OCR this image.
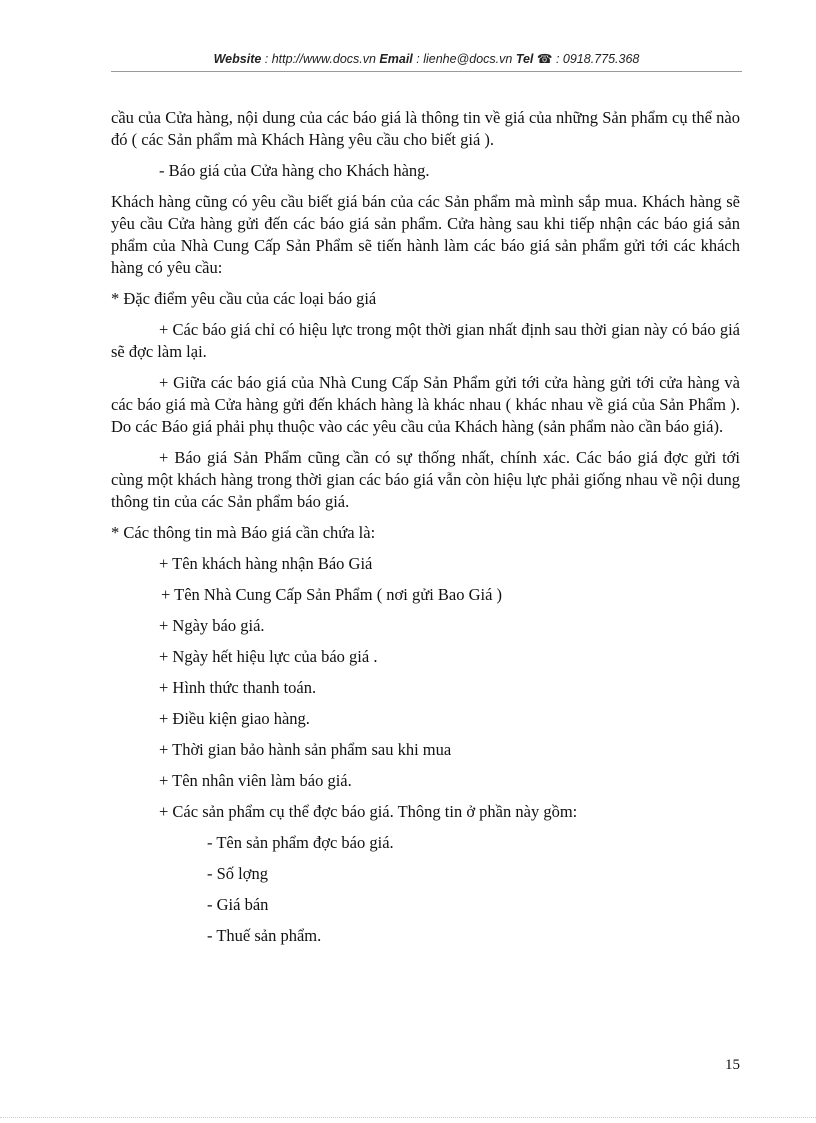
Website : http://www.docs.vn Email : lienhe@docs.vn Tel ☎ : 0918.775.368

cầu của Cửa hàng, nội dung của các báo giá là thông tin về giá của những Sản phẩm cụ thể nào đó ( các Sản phẩm mà Khách Hàng yêu cầu cho biết giá ).

- Báo giá của Cửa hàng cho Khách hàng.

Khách hàng cũng có yêu cầu biết giá bán của các Sản phẩm mà mình sắp mua. Khách hàng sẽ yêu cầu Cửa hàng gửi đến các báo giá sản phẩm. Cửa hàng sau khi tiếp nhận các báo giá sản phẩm của Nhà Cung Cấp Sản Phẩm sẽ tiến hành làm các báo giá sản phẩm gửi tới các khách hàng có yêu cầu:

* Đặc điểm yêu cầu của các loại báo giá

+ Các báo giá chỉ có hiệu lực trong một thời gian nhất định sau thời gian này có báo giá sẽ đợc làm lại.

+ Giữa các báo giá của Nhà Cung Cấp Sản Phẩm gửi tới cửa hàng gửi tới cửa hàng và các báo giá mà Cửa hàng gửi đến khách hàng là khác nhau ( khác nhau về giá của Sản Phẩm ). Do các Báo giá phải phụ thuộc vào các yêu cầu của Khách hàng (sản phẩm nào cần báo giá).

+ Báo giá Sản Phẩm cũng cần có sự thống nhất, chính xác. Các báo giá đợc gửi tới cùng một khách hàng trong thời gian các báo giá vẫn còn hiệu lực phải giống nhau về nội dung thông tin của các Sản phẩm báo giá.

* Các thông tin mà Báo giá cần chứa là:

+ Tên khách hàng nhận Báo Giá
+ Tên Nhà Cung Cấp Sản Phẩm ( nơi gửi Bao Giá )
+ Ngày báo giá.
+ Ngày hết hiệu lực của báo giá .
+ Hình thức thanh toán.
+ Điều kiện giao hàng.
+ Thời gian bảo hành sản phẩm sau khi mua
+ Tên nhân viên làm báo giá.
+ Các sản phẩm cụ thể đợc báo giá. Thông tin ở phần này gồm:
- Tên sản phẩm đợc báo giá.
- Số lợng
- Giá bán
- Thuế sản phẩm.
15
